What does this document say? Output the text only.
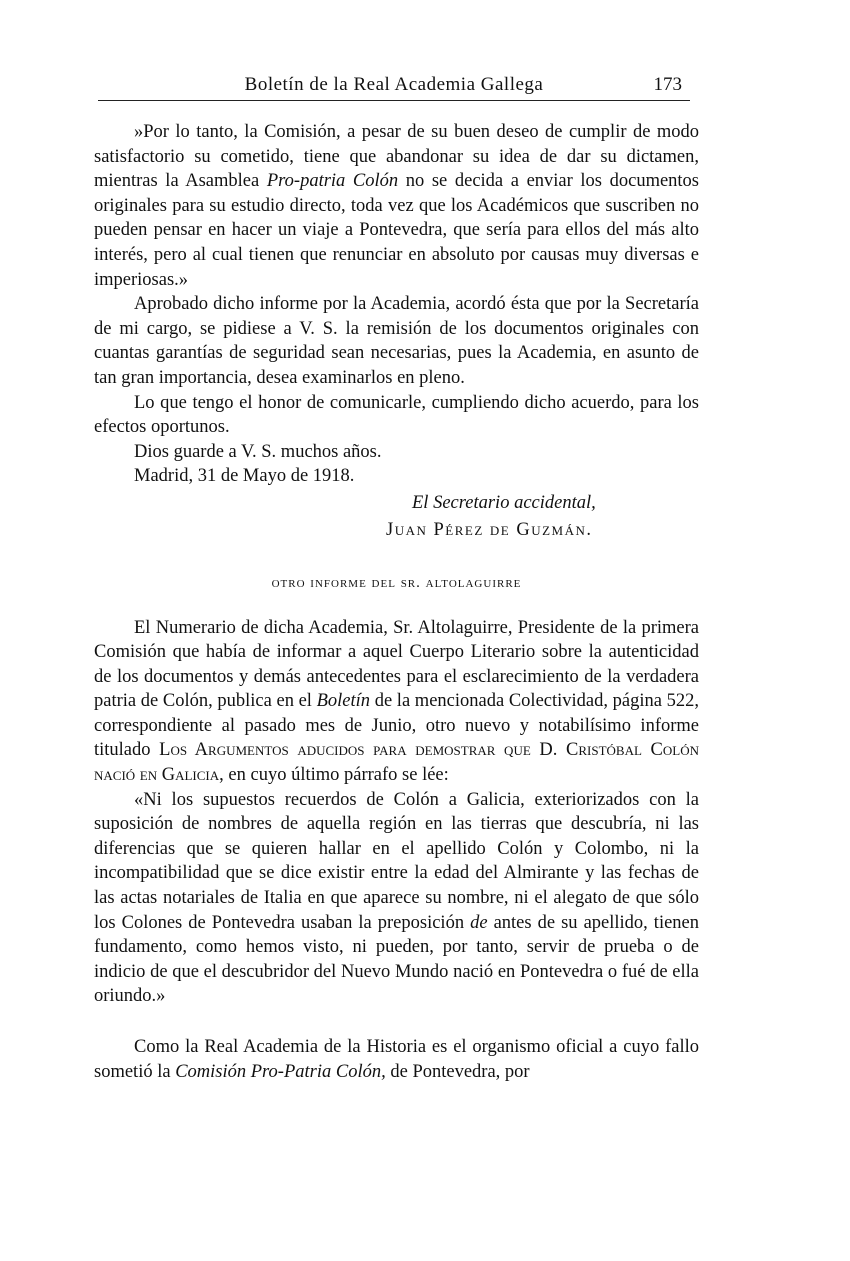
Boletín de la Real Academia Gallega	173

»Por lo tanto, la Comisión, a pesar de su buen deseo de cumplir de modo satisfactorio su cometido, tiene que abandonar su idea de dar su dictamen, mientras la Asamblea Pro-patria Colón no se decida a enviar los documentos originales para su estudio directo, toda vez que los Académicos que suscriben no pueden pensar en hacer un viaje a Pontevedra, que sería para ellos del más alto interés, pero al cual tienen que renunciar en absoluto por causas muy diversas e imperiosas.»

Aprobado dicho informe por la Academia, acordó ésta que por la Secretaría de mi cargo, se pidiese a V. S. la remisión de los documentos originales con cuantas garantías de seguridad sean necesarias, pues la Academia, en asunto de tan gran importancia, desea examinarlos en pleno.

Lo que tengo el honor de comunicarle, cumpliendo dicho acuerdo, para los efectos oportunos.

Dios guarde a V. S. muchos años.

Madrid, 31 de Mayo de 1918.

El Secretario accidental,
Juan Pérez de Guzmán.
otro informe del sr. altolaguirre

El Numerario de dicha Academia, Sr. Altolaguirre, Presidente de la primera Comisión que había de informar a aquel Cuerpo Literario sobre la autenticidad de los documentos y demás antecedentes para el esclarecimiento de la verdadera patria de Colón, publica en el Boletín de la mencionada Colectividad, página 522, correspondiente al pasado mes de Junio, otro nuevo y notabilísimo informe titulado Los Argumentos aducidos para demostrar que D. Cristóbal Colón nació en Galicia, en cuyo último párrafo se lée:

«Ni los supuestos recuerdos de Colón a Galicia, exteriorizados con la suposición de nombres de aquella región en las tierras que descubría, ni las diferencias que se quieren hallar en el apellido Colón y Colombo, ni la incompatibilidad que se dice existir entre la edad del Almirante y las fechas de las actas notariales de Italia en que aparece su nombre, ni el alegato de que sólo los Colones de Pontevedra usaban la preposición de antes de su apellido, tienen fundamento, como hemos visto, ni pueden, por tanto, servir de prueba o de indicio de que el descubridor del Nuevo Mundo nació en Pontevedra o fué de ella oriundo.»

Como la Real Academia de la Historia es el organismo oficial a cuyo fallo sometió la Comisión Pro-Patria Colón, de Pontevedra, por
